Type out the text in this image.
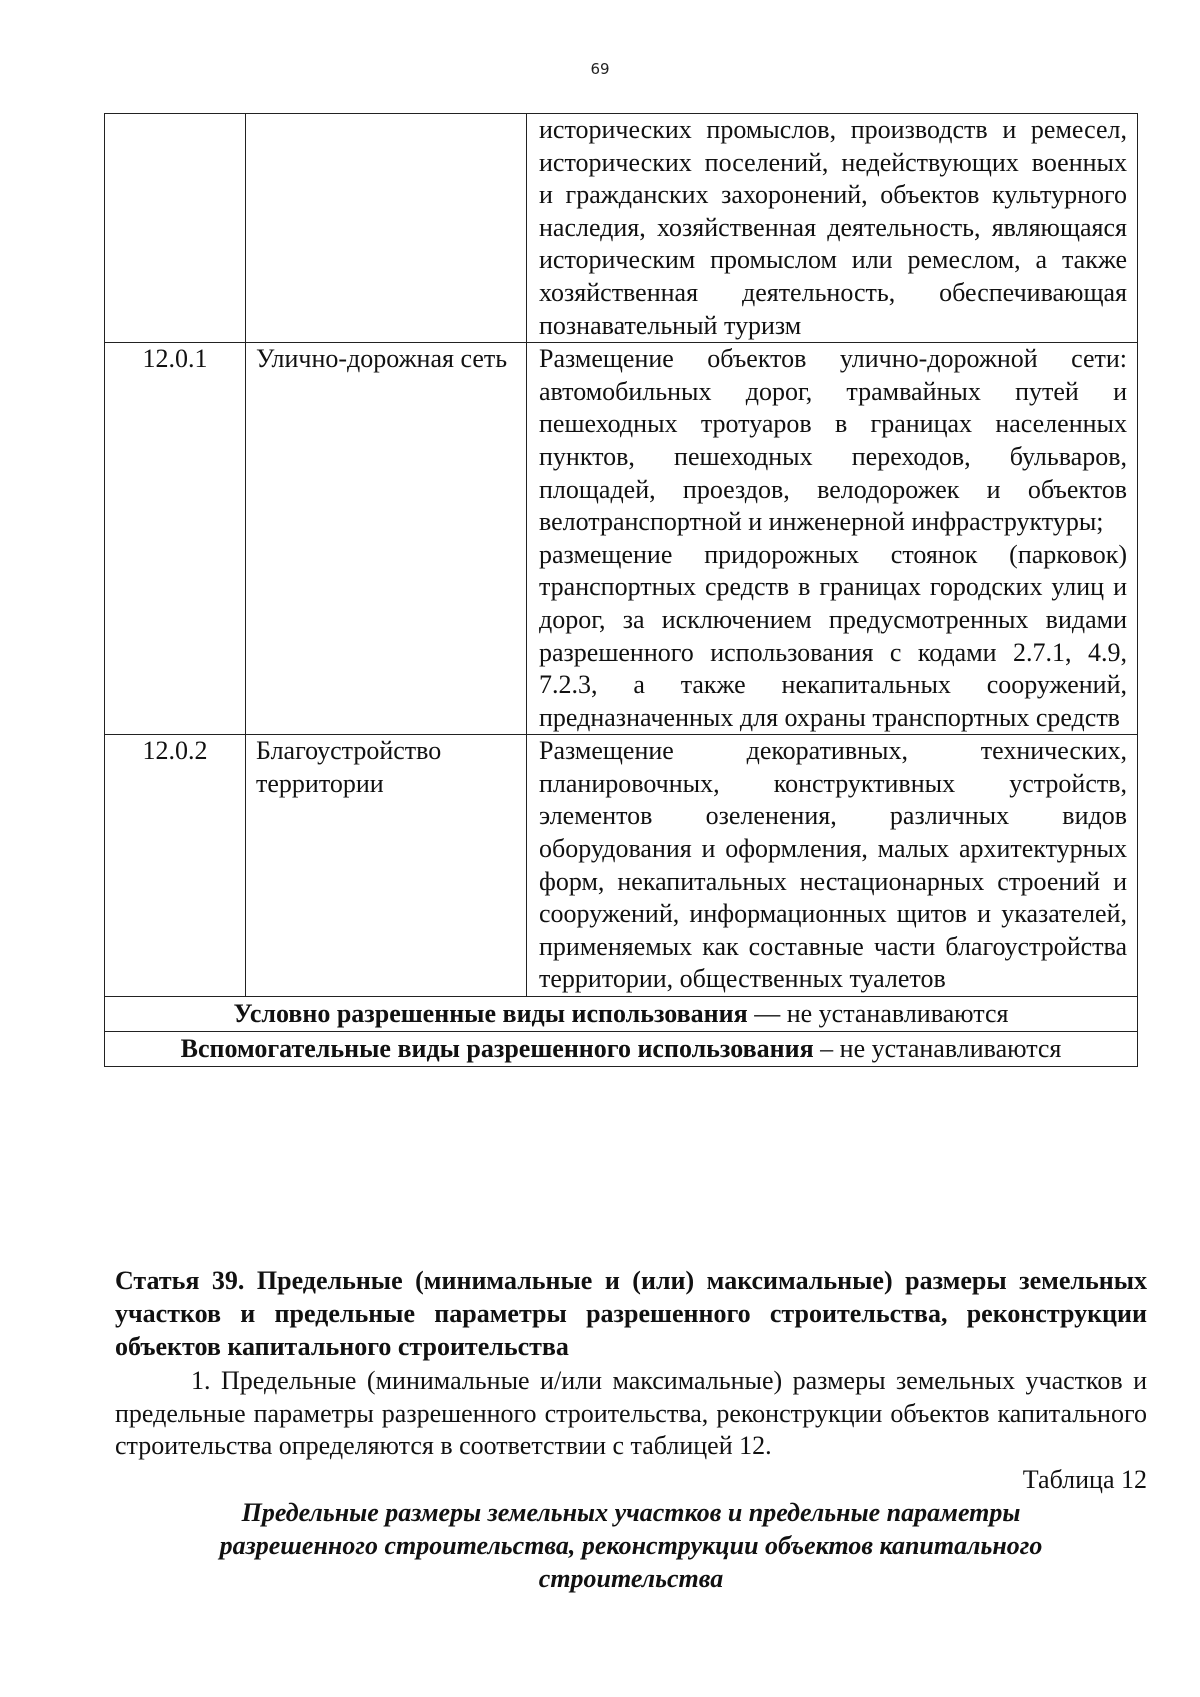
69

		исторических промыслов, производств и ремесел, исторических поселений, недействующих военных и гражданских захоронений, объектов культурного наследия, хозяйственная деятельность, являющаяся историческим промыслом или ремеслом, а также хозяйственная деятельность, обеспечивающая познавательный туризм

12.0.1	Улично-дорожная сеть	Размещение объектов улично-дорожной сети: автомобильных дорог, трамвайных путей и пешеходных тротуаров в границах населенных пунктов, пешеходных переходов, бульваров, площадей, проездов, велодорожек и объектов велотранспортной и инженерной инфраструктуры;
размещение придорожных стоянок (парковок) транспортных средств в границах городских улиц и дорог, за исключением предусмотренных видами разрешенного использования с кодами 2.7.1, 4.9, 7.2.3, а также некапитальных сооружений, предназначенных для охраны транспортных средств

12.0.2	Благоустройство территории	Размещение декоративных, технических, планировочных, конструктивных устройств, элементов озеленения, различных видов оборудования и оформления, малых архитектурных форм, некапитальных нестационарных строений и сооружений, информационных щитов и указателей, применяемых как составные части благоустройства территории, общественных туалетов

Условно разрешенные виды использования — не устанавливаются		
Вспомогательные виды разрешенного использования – не устанавливаются		
Статья 39. Предельные (минимальные и (или) максимальные) размеры земельных участков и предельные параметры разрешенного строительства, реконструкции объектов капитального строительства
1. Предельные (минимальные и/или максимальные) размеры земельных участков и предельные параметры разрешенного строительства, реконструкции объектов капитального строительства определяются в соответствии с таблицей 12.
Таблица 12
Предельные размеры земельных участков и предельные параметры разрешенного строительства, реконструкции объектов капитального строительства
